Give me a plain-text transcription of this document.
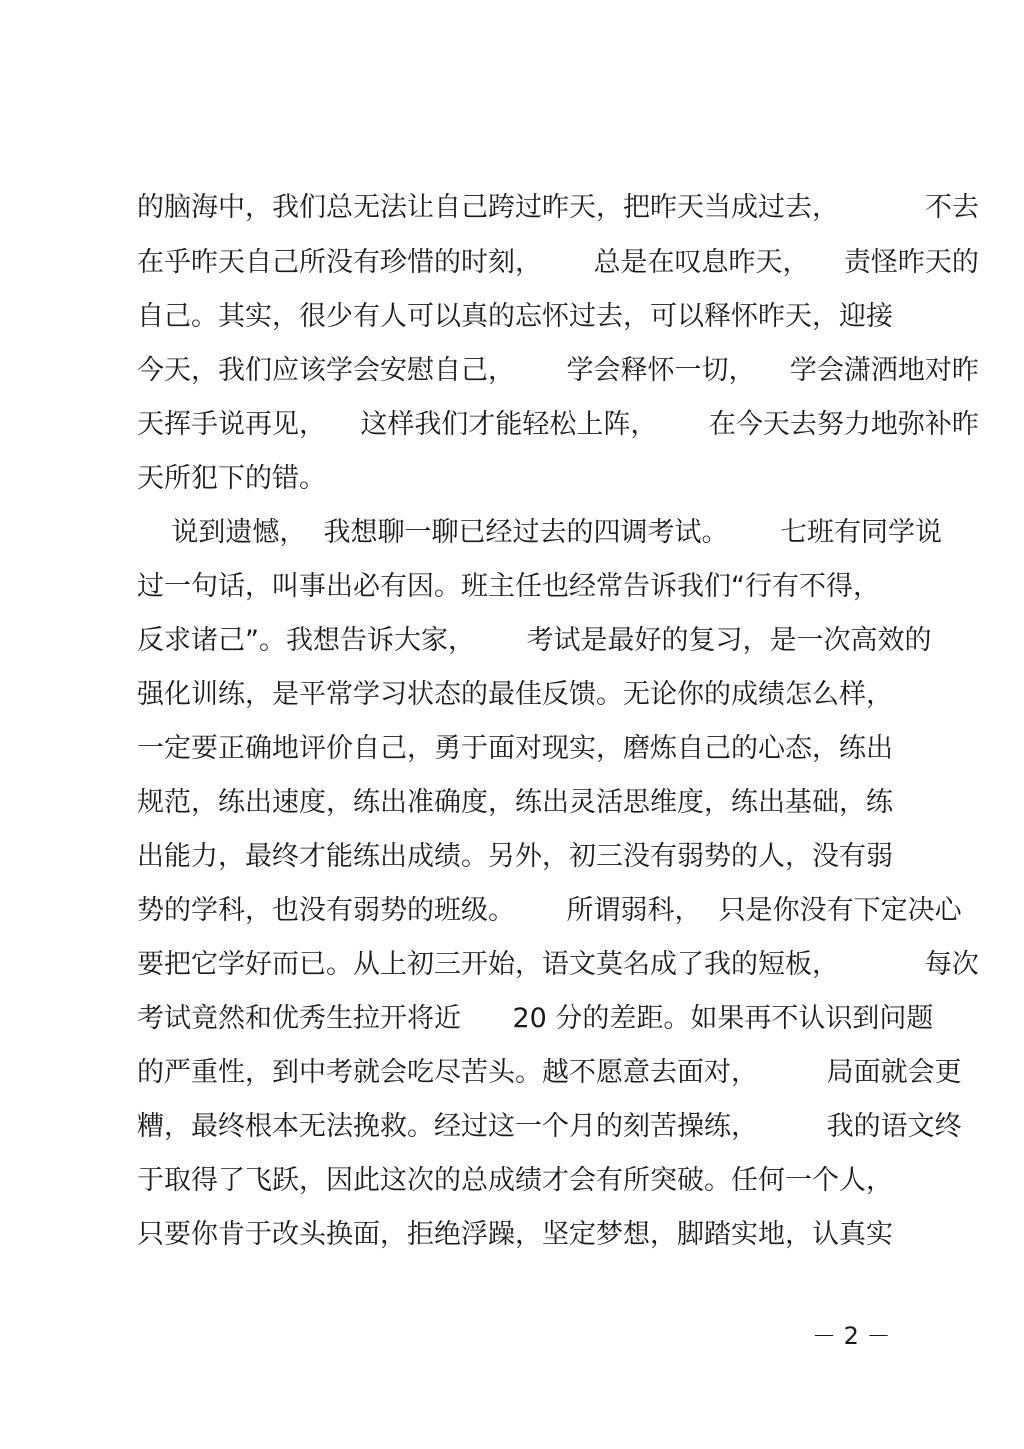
的脑海中，我们总无法让自己跨过昨天，把昨天当成过去，          不去
在乎昨天自己所没有珍惜的时刻，      总是在叹息昨天，    责怪昨天的
自己。其实，很少有人可以真的忘怀过去，可以释怀昨天，迎接
今天，我们应该学会安慰自己，      学会释怀一切，    学会潇洒地对昨
天挥手说再见，    这样我们才能轻松上阵，      在今天去努力地弥补昨
天所犯下的错。
说到遗憾，  我想聊一聊已经过去的四调考试。      七班有同学说
过一句话，叫事出必有因。班主任也经常告诉我们“行有不得，
反求诸己”。我想告诉大家，      考试是最好的复习，是一次高效的
强化训练，是平常学习状态的最佳反馈。无论你的成绩怎么样，
一定要正确地评价自己，勇于面对现实，磨炼自己的心态，练出
规范，练出速度，练出准确度，练出灵活思维度，练出基础，练
出能力，最终才能练出成绩。另外，初三没有弱势的人，没有弱
势的学科，也没有弱势的班级。      所谓弱科，  只是你没有下定决心
要把它学好而已。从上初三开始，语文莫名成了我的短板，          每次
考试竟然和优秀生拉开将近      20 分的差距。如果再不认识到问题
的严重性，到中考就会吃尽苦头。越不愿意去面对，        局面就会更
糟，最终根本无法挽救。经过这一个月的刻苦操练，        我的语文终
于取得了飞跃，因此这次的总成绩才会有所突破。任何一个人，
只要你肯于改头换面，拒绝浮躁，坚定梦想，脚踏实地，认真实
－ 2 －
